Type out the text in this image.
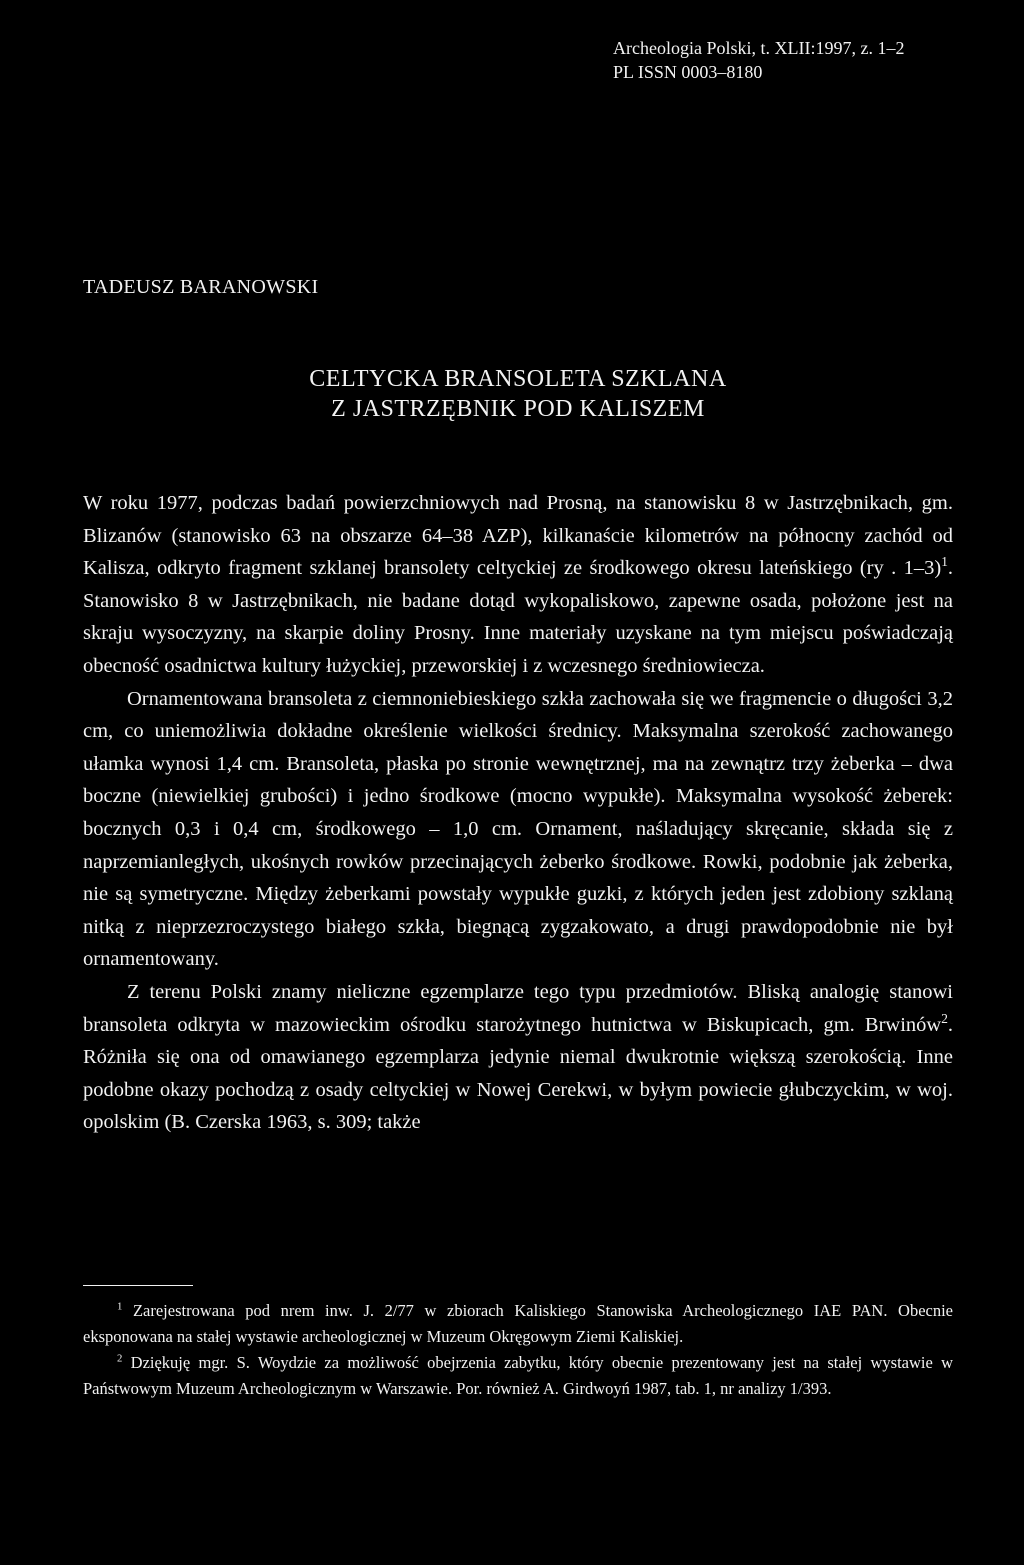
Archeologia Polski, t. XLII:1997, z. 1–2
PL ISSN 0003–8180
TADEUSZ BARANOWSKI
CELTYCKA BRANSOLETA SZKLANA
Z JASTRZĘBNIK POD KALISZEM

W roku 1977, podczas badań powierzchniowych nad Prosną, na stanowisku 8 w Jastrzębnikach, gm. Blizanów (stanowisko 63 na obszarze 64–38 AZP), kilkanaście kilometrów na północny zachód od Kalisza, odkryto fragment szklanej bransolety celtyckiej ze środkowego okresu lateńskiego (ry . 1–3)$^1$. Stanowisko 8 w Jastrzębnikach, nie badane dotąd wykopaliskowo, zapewne osada, położone jest na skraju wysoczyzny, na skarpie doliny Prosny. Inne materiały uzyskane na tym miejscu poświadczają obecność osadnictwa kultury łużyckiej, przeworskiej i z wczesnego średniowiecza.

Ornamentowana bransoleta z ciemnoniebieskiego szkła zachowała się we fragmencie o długości 3,2 cm, co uniemożliwia dokładne określenie wielkości średnicy. Maksymalna szerokość zachowanego ułamka wynosi 1,4 cm. Bransoleta, płaska po stronie wewnętrznej, ma na zewnątrz trzy żeberka – dwa boczne (niewielkiej grubości) i jedno środkowe (mocno wypukłe). Maksymalna wysokość żeberek: bocznych 0,3 i 0,4 cm, środkowego – 1,0 cm. Ornament, naśladujący skręcanie, składa się z naprzemianległych, ukośnych rowków przecinających żeberko środkowe. Rowki, podobnie jak żeberka, nie są symetryczne. Między żeberkami powstały wypukłe guzki, z których jeden jest zdobiony szklaną nitką z nieprzezroczystego białego szkła, biegnącą zygzakowato, a drugi prawdopodobnie nie był ornamentowany.

Z terenu Polski znamy nieliczne egzemplarze tego typu przedmiotów. Bliską analogię stanowi bransoleta odkryta w mazowieckim ośrodku starożytnego hutnictwa w Biskupicach, gm. Brwinów$^2$. Różniła się ona od omawianego egzemplarza jedynie niemal dwukrotnie większą szerokością. Inne podobne okazy pochodzą z osady celtyckiej w Nowej Cerekwi, w byłym powiecie głubczyckim, w woj. opolskim (B. Czerska 1963, s. 309; także

$^1$ Zarejestrowana pod nrem inw. J. 2/77 w zbiorach Kaliskiego Stanowiska Archeologicznego IAE PAN. Obecnie eksponowana na stałej wystawie archeologicznej w Muzeum Okręgowym Ziemi Kaliskiej.

$^2$ Dziękuję mgr. S. Woydzie za możliwość obejrzenia zabytku, który obecnie prezentowany jest na stałej wystawie w Państwowym Muzeum Archeologicznym w Warszawie. Por. również A. Girdwoyń 1987, tab. 1, nr analizy 1/393.
